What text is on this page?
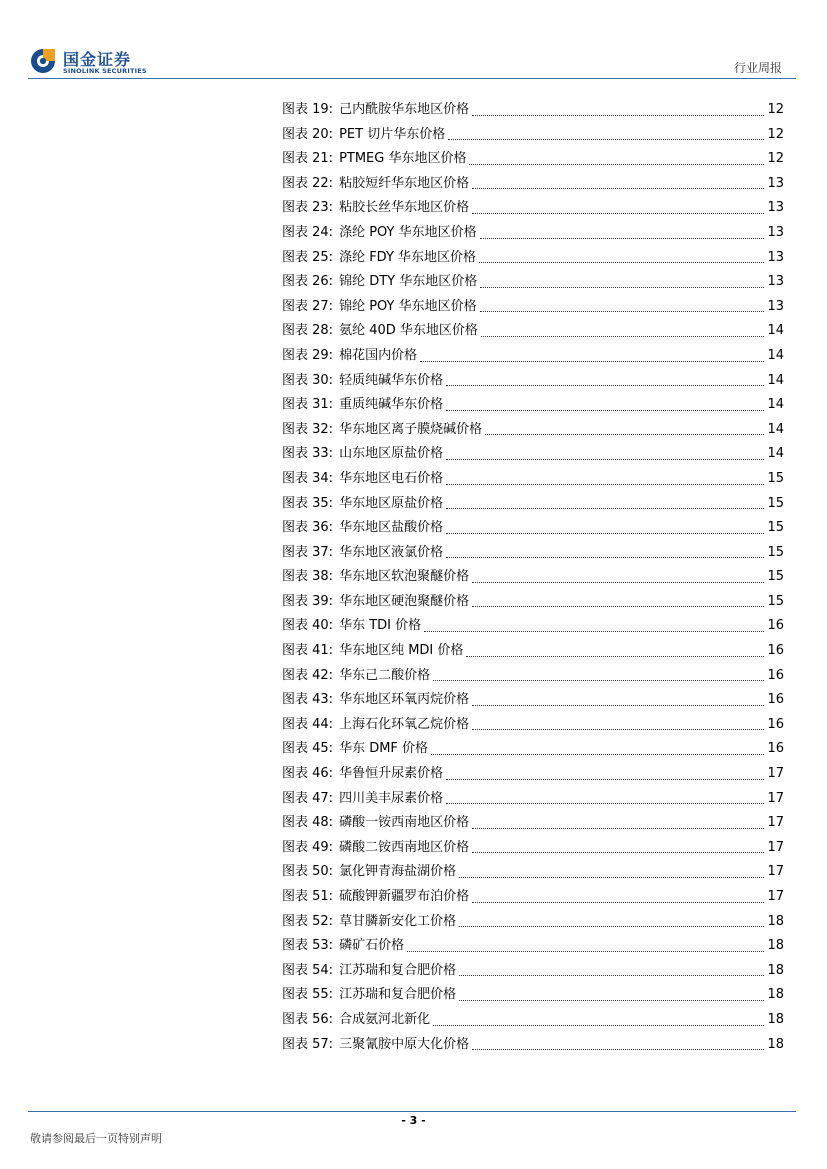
国金证券
SINOLINK SECURITIES	行业周报
图表 19: 己内酰胺华东地区价格	12
图表 20: PET 切片华东价格	12
图表 21: PTMEG 华东地区价格	12
图表 22: 粘胶短纤华东地区价格	13
图表 23: 粘胶长丝华东地区价格	13
图表 24: 涤纶 POY 华东地区价格	13
图表 25: 涤纶 FDY 华东地区价格	13
图表 26: 锦纶 DTY 华东地区价格	13
图表 27: 锦纶 POY 华东地区价格	13
图表 28: 氨纶 40D 华东地区价格	14
图表 29: 棉花国内价格	14
图表 30: 轻质纯碱华东价格	14
图表 31: 重质纯碱华东价格	14
图表 32: 华东地区离子膜烧碱价格	14
图表 33: 山东地区原盐价格	14
图表 34: 华东地区电石价格	15
图表 35: 华东地区原盐价格	15
图表 36: 华东地区盐酸价格	15
图表 37: 华东地区液氯价格	15
图表 38: 华东地区软泡聚醚价格	15
图表 39: 华东地区硬泡聚醚价格	15
图表 40: 华东 TDI 价格	16
图表 41: 华东地区纯 MDI 价格	16
图表 42: 华东己二酸价格	16
图表 43: 华东地区环氧丙烷价格	16
图表 44: 上海石化环氧乙烷价格	16
图表 45: 华东 DMF 价格	16
图表 46: 华鲁恒升尿素价格	17
图表 47: 四川美丰尿素价格	17
图表 48: 磷酸一铵西南地区价格	17
图表 49: 磷酸二铵西南地区价格	17
图表 50: 氯化钾青海盐湖价格	17
图表 51: 硫酸钾新疆罗布泊价格	17
图表 52: 草甘膦新安化工价格	18
图表 53: 磷矿石价格	18
图表 54: 江苏瑞和复合肥价格	18
图表 55: 江苏瑞和复合肥价格	18
图表 56: 合成氨河北新化	18
图表 57: 三聚氰胺中原大化价格	18
- 3 -
敬请参阅最后一页特别声明
